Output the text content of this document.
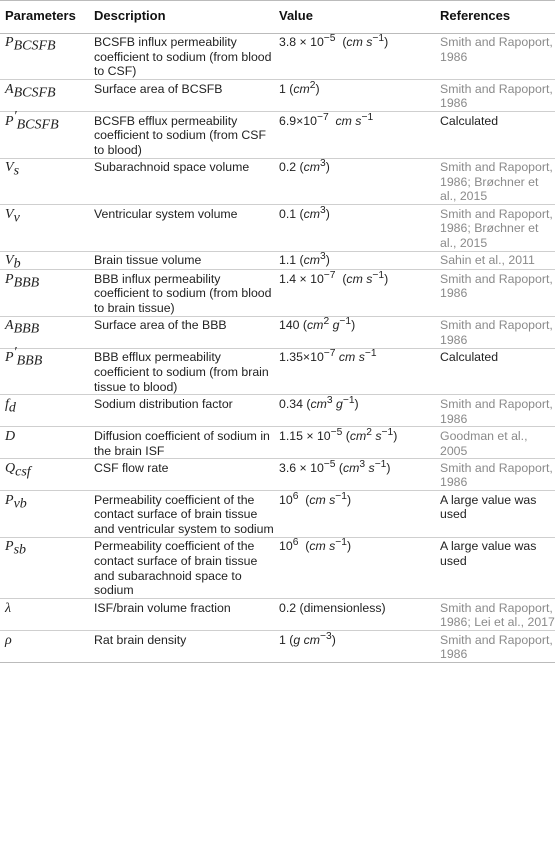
Parameters	Description	Value	References
$P_{BCSFB}$	BCSFB influx permeability coefficient to sodium (from blood to CSF)	$3.8 \times 10^{-5}$  (cm $s^{-1}$)	Smith and Rapoport, 1986
$A_{BCSFB}$	Surface area of BCSFB	1 $(cm^2)$	Smith and Rapoport, 1986
$P'_{BCSFB}$	BCSFB efflux permeability coefficient to sodium (from CSF to blood)	$6.9\times 10^{-7}$ cm $s^{-1}$	Calculated
$V_s$	Subarachnoid space volume	0.2 $(cm^3)$	Smith and Rapoport, 1986; Brøchner et al., 2015
$V_v$	Ventricular system volume	0.1 $(cm^3)$	Smith and Rapoport, 1986; Brøchner et al., 2015
$V_b$	Brain tissue volume	1.1 $(cm^3)$	Sahin et al., 2011
$P_{BBB}$	BBB influx permeability coefficient to sodium (from blood to brain tissue)	$1.4 \times 10^{-7}$  (cm $s^{-1}$)	Smith and Rapoport, 1986
$A_{BBB}$	Surface area of the BBB	140 ($cm^2$ $g^{-1}$)	Smith and Rapoport, 1986
$P'_{BBB}$	BBB efflux permeability coefficient to sodium (from brain tissue to blood)	$1.35\times 10^{-7}$ cm $s^{-1}$	Calculated
$f_d$	Sodium distribution factor	0.34 ($cm^3$ $g^{-1}$)	Smith and Rapoport, 1986
D	Diffusion coefficient of sodium in the brain ISF	$1.15 \times 10^{-5}$ ($cm^2$ $s^{-1}$)	Goodman et al., 2005
$Q_{csf}$	CSF flow rate	$3.6 \times 10^{-5}$ ($cm^3$ $s^{-1}$)	Smith and Rapoport, 1986
$P_{vb}$	Permeability coefficient of the contact surface of brain tissue and ventricular system to sodium	$10^6$  (cm $s^{-1}$)	A large value was used
$P_{sb}$	Permeability coefficient of the contact surface of brain tissue and subarachnoid space to sodium	$10^6$  (cm $s^{-1}$)	A large value was used
λ	ISF/brain volume fraction	0.2 (dimensionless)	Smith and Rapoport, 1986; Lei et al., 2017
ρ	Rat brain density	1 (g $cm^{-3}$)	Smith and Rapoport, 1986
